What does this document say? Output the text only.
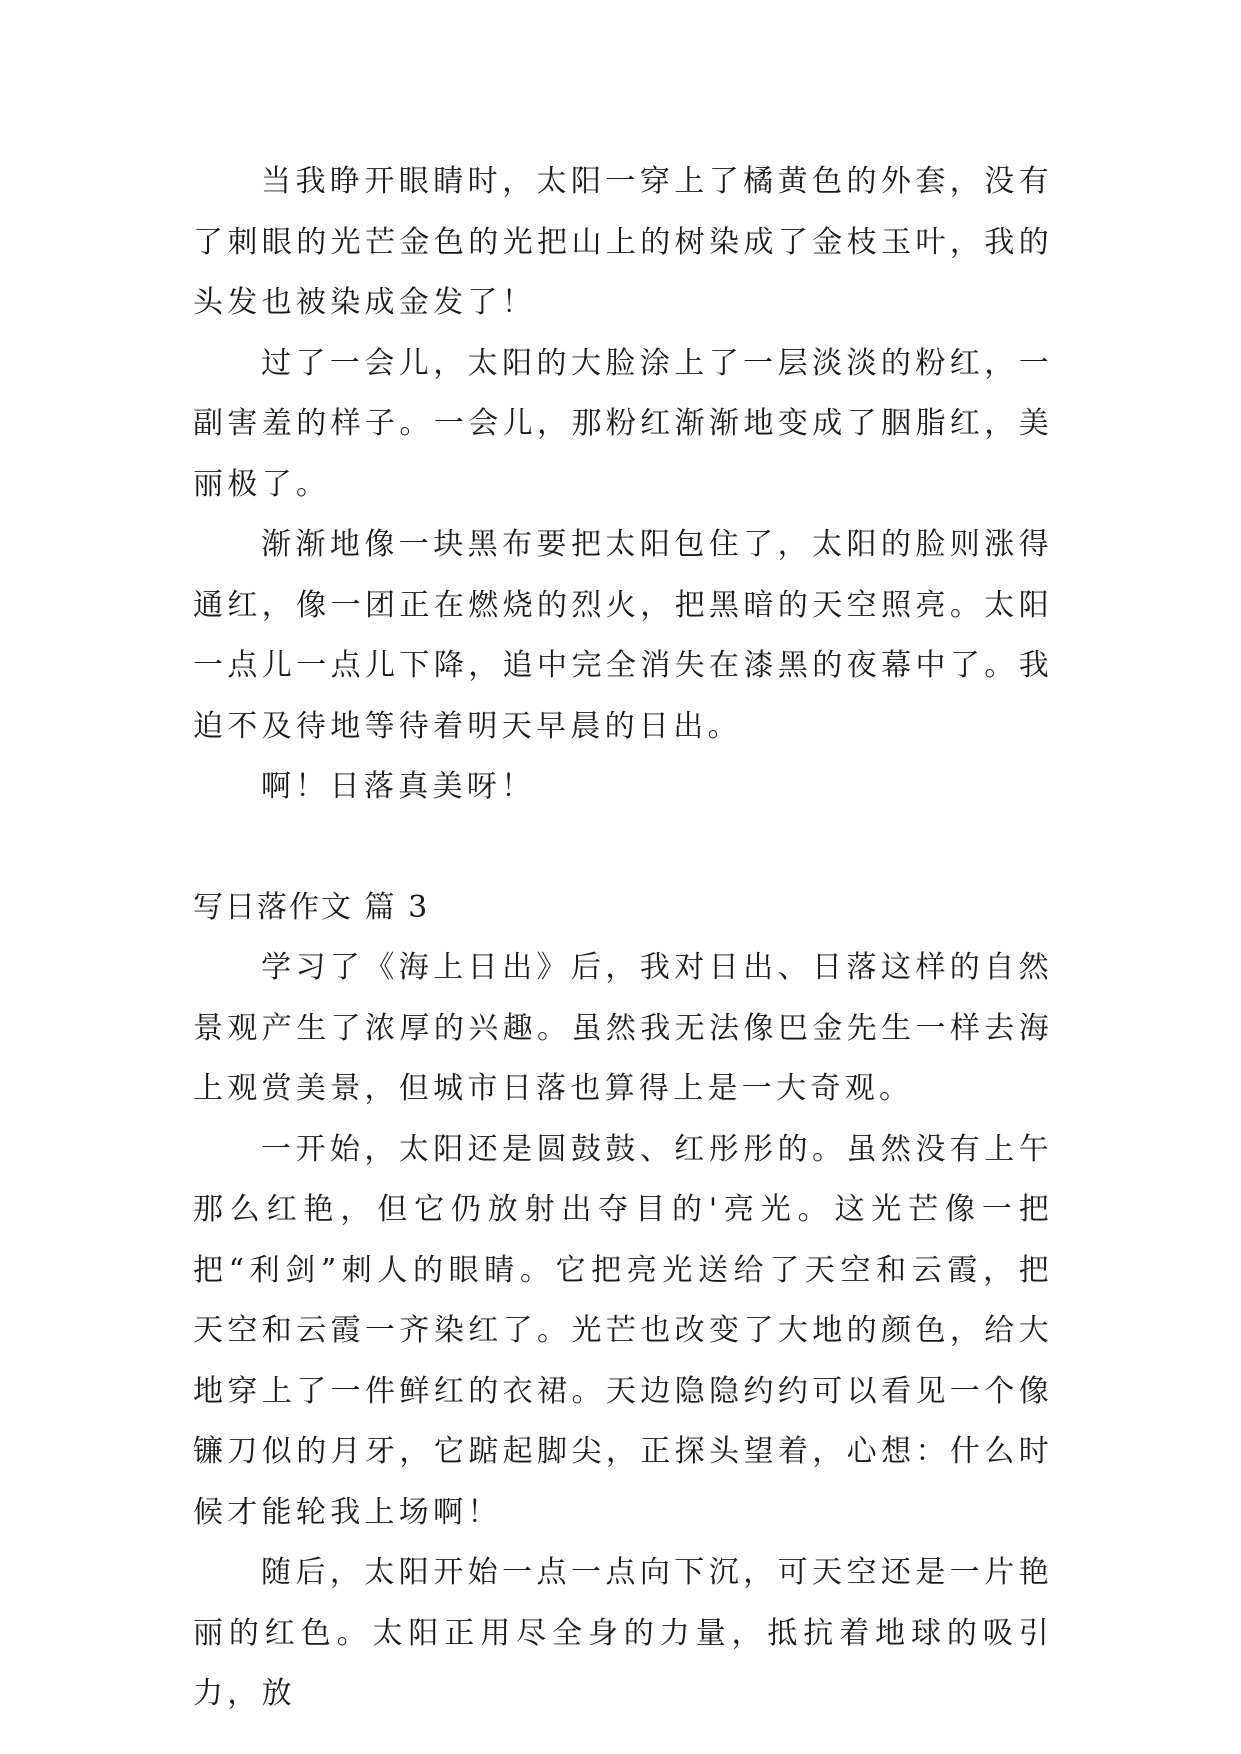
当我睁开眼睛时，太阳一穿上了橘黄色的外套，没有了刺眼的光芒金色的光把山上的树染成了金枝玉叶，我的头发也被染成金发了！

过了一会儿，太阳的大脸涂上了一层淡淡的粉红，一副害羞的样子。一会儿，那粉红渐渐地变成了胭脂红，美丽极了。

渐渐地像一块黑布要把太阳包住了，太阳的脸则涨得通红，像一团正在燃烧的烈火，把黑暗的天空照亮。太阳一点儿一点儿下降，追中完全消失在漆黑的夜幕中了。我迫不及待地等待着明天早晨的日出。

啊！日落真美呀！

写日落作文 篇 3

学习了《海上日出》后，我对日出、日落这样的自然景观产生了浓厚的兴趣。虽然我无法像巴金先生一样去海上观赏美景，但城市日落也算得上是一大奇观。

一开始，太阳还是圆鼓鼓、红彤彤的。虽然没有上午那么红艳，但它仍放射出夺目的'亮光。这光芒像一把把“利剑”刺人的眼睛。它把亮光送给了天空和云霞，把天空和云霞一齐染红了。光芒也改变了大地的颜色，给大地穿上了一件鲜红的衣裙。天边隐隐约约可以看见一个像镰刀似的月牙，它踮起脚尖，正探头望着，心想：什么时候才能轮我上场啊！

随后，太阳开始一点一点向下沉，可天空还是一片艳丽的红色。太阳正用尽全身的力量，抵抗着地球的吸引力，放
